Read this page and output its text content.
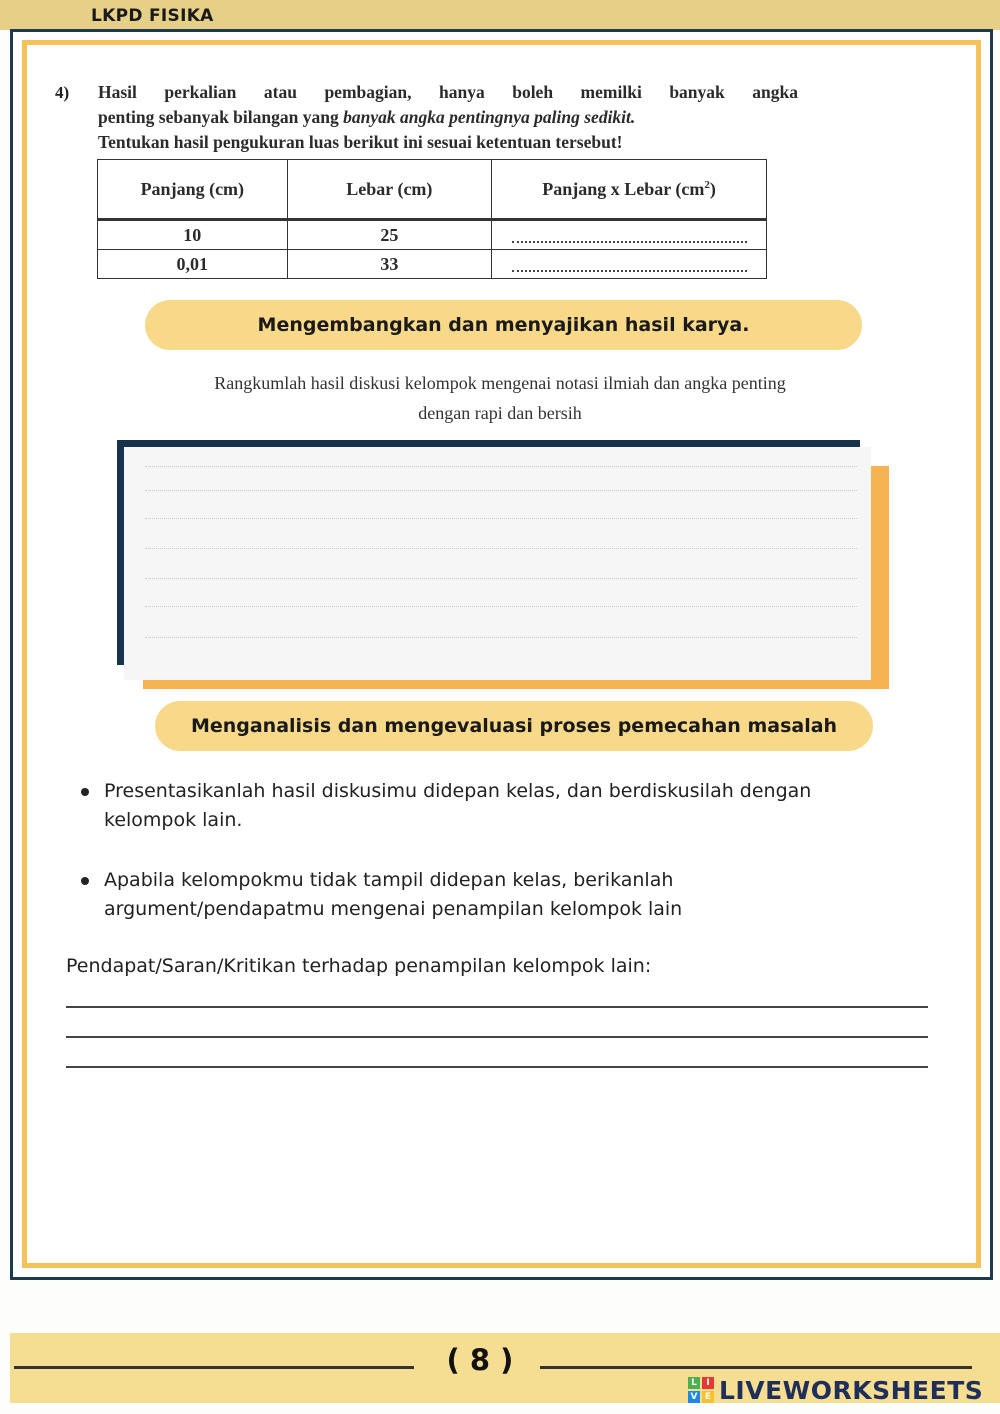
LKPD FISIKA
4) Hasil perkalian atau pembagian, hanya boleh memilki banyak angka
penting sebanyak bilangan yang banyak angka pentingnya paling sedikit.
Tentukan hasil pengukuran luas berikut ini sesuai ketentuan tersebut!
Panjang (cm)	Lebar (cm)	Panjang x Lebar $(cm^2)$
10	25	
0,01	33	
Mengembangkan dan menyajikan hasil karya.
Rangkumlah hasil diskusi kelompok mengenai notasi ilmiah dan angka penting
dengan rapi dan bersih
Menganalisis dan mengevaluasi proses pemecahan masalah
Presentasikanlah hasil diskusimu didepan kelas, dan berdiskusilah dengan kelompok lain.
Apabila kelompokmu tidak tampil didepan kelas, berikanlah argument/pendapatmu mengenai penampilan kelompok lain
Pendapat/Saran/Kritikan terhadap penampilan kelompok lain:
( 8 )
L	I
V E LIVEWORKSHEETS
